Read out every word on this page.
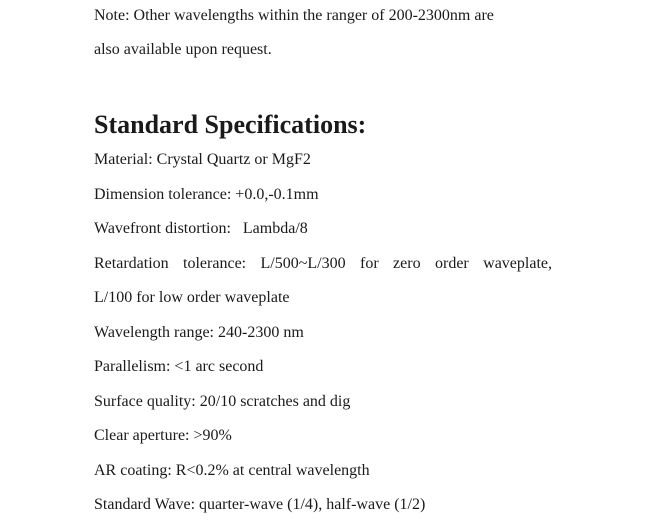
Note: Other wavelengths within the ranger of 200-2300nm are
also available upon request.
Standard Specifications:
Material: Crystal Quartz or MgF2
Dimension tolerance: +0.0,-0.1mm
Wavefront distortion:   Lambda/8
Retardation tolerance: L/500~L/300 for zero order waveplate,
L/100 for low order waveplate
Wavelength range: 240-2300 nm
Parallelism: <1 arc second
Surface quality: 20/10 scratches and dig
Clear aperture: >90%
AR coating: R<0.2% at central wavelength
Standard Wave: quarter-wave (1/4), half-wave (1/2)
